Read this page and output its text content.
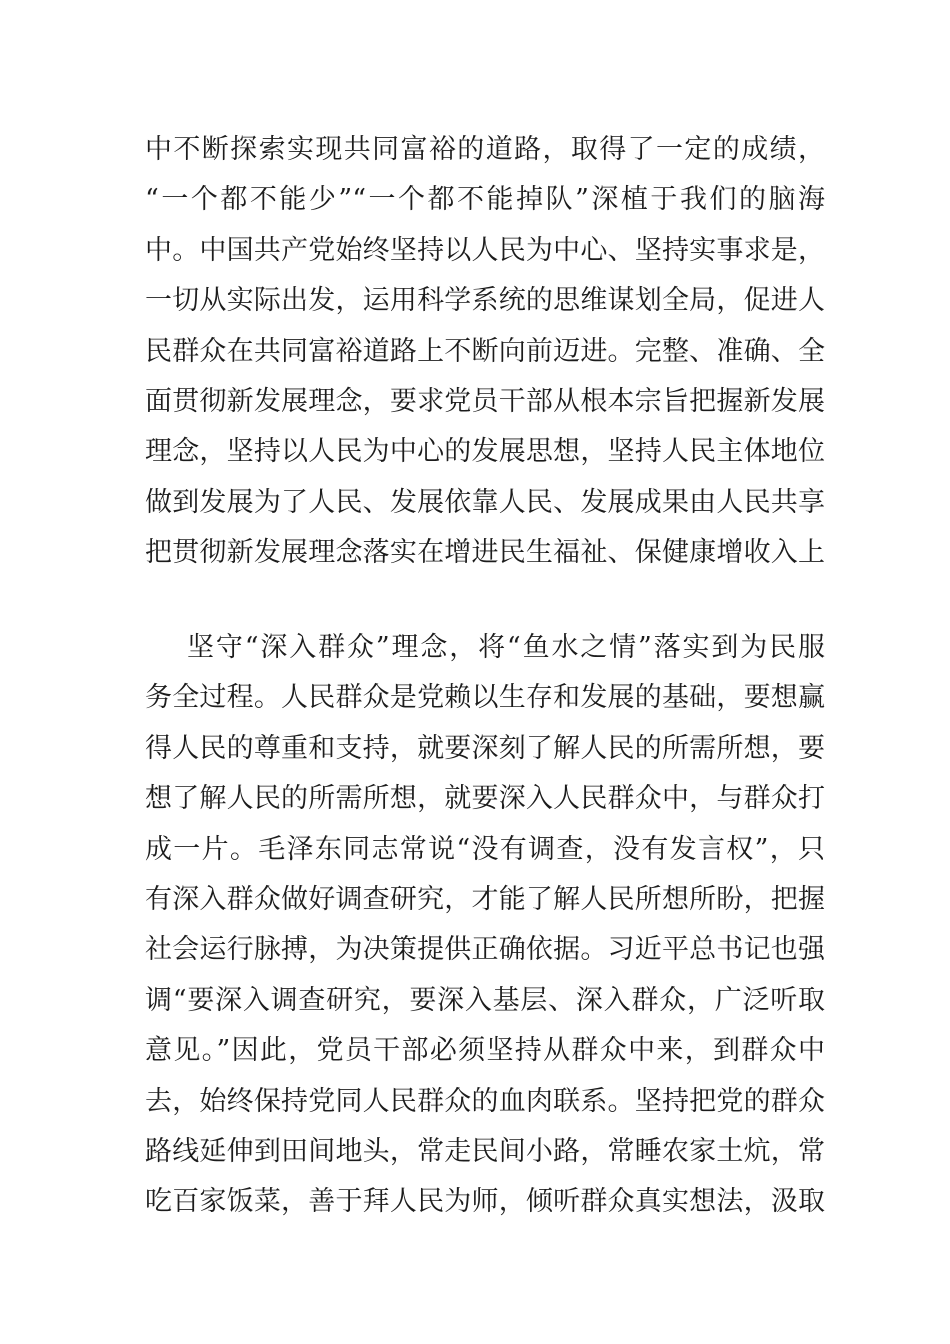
中不断探索实现共同富裕的道路，取得了一定的成绩，
“一个都不能少”“一个都不能掉队”深植于我们的脑海
中。中国共产党始终坚持以人民为中心、坚持实事求是，
一切从实际出发，运用科学系统的思维谋划全局，促进人
民群众在共同富裕道路上不断向前迈进。完整、准确、全
面贯彻新发展理念，要求党员干部从根本宗旨把握新发展
理念，坚持以人民为中心的发展思想，坚持人民主体地位
做到发展为了人民、发展依靠人民、发展成果由人民共享
把贯彻新发展理念落实在增进民生福祉、保健康增收入上
坚守“深入群众”理念，将“鱼水之情”落实到为民服
务全过程。人民群众是党赖以生存和发展的基础，要想赢
得人民的尊重和支持，就要深刻了解人民的所需所想，要
想了解人民的所需所想，就要深入人民群众中，与群众打
成一片。毛泽东同志常说“没有调查，没有发言权”，只
有深入群众做好调查研究，才能了解人民所想所盼，把握
社会运行脉搏，为决策提供正确依据。习近平总书记也强
调“要深入调查研究，要深入基层、深入群众，广泛听取
意见。”因此，党员干部必须坚持从群众中来，到群众中
去，始终保持党同人民群众的血肉联系。坚持把党的群众
路线延伸到田间地头，常走民间小路，常睡农家土炕，常
吃百家饭菜，善于拜人民为师，倾听群众真实想法，汲取
